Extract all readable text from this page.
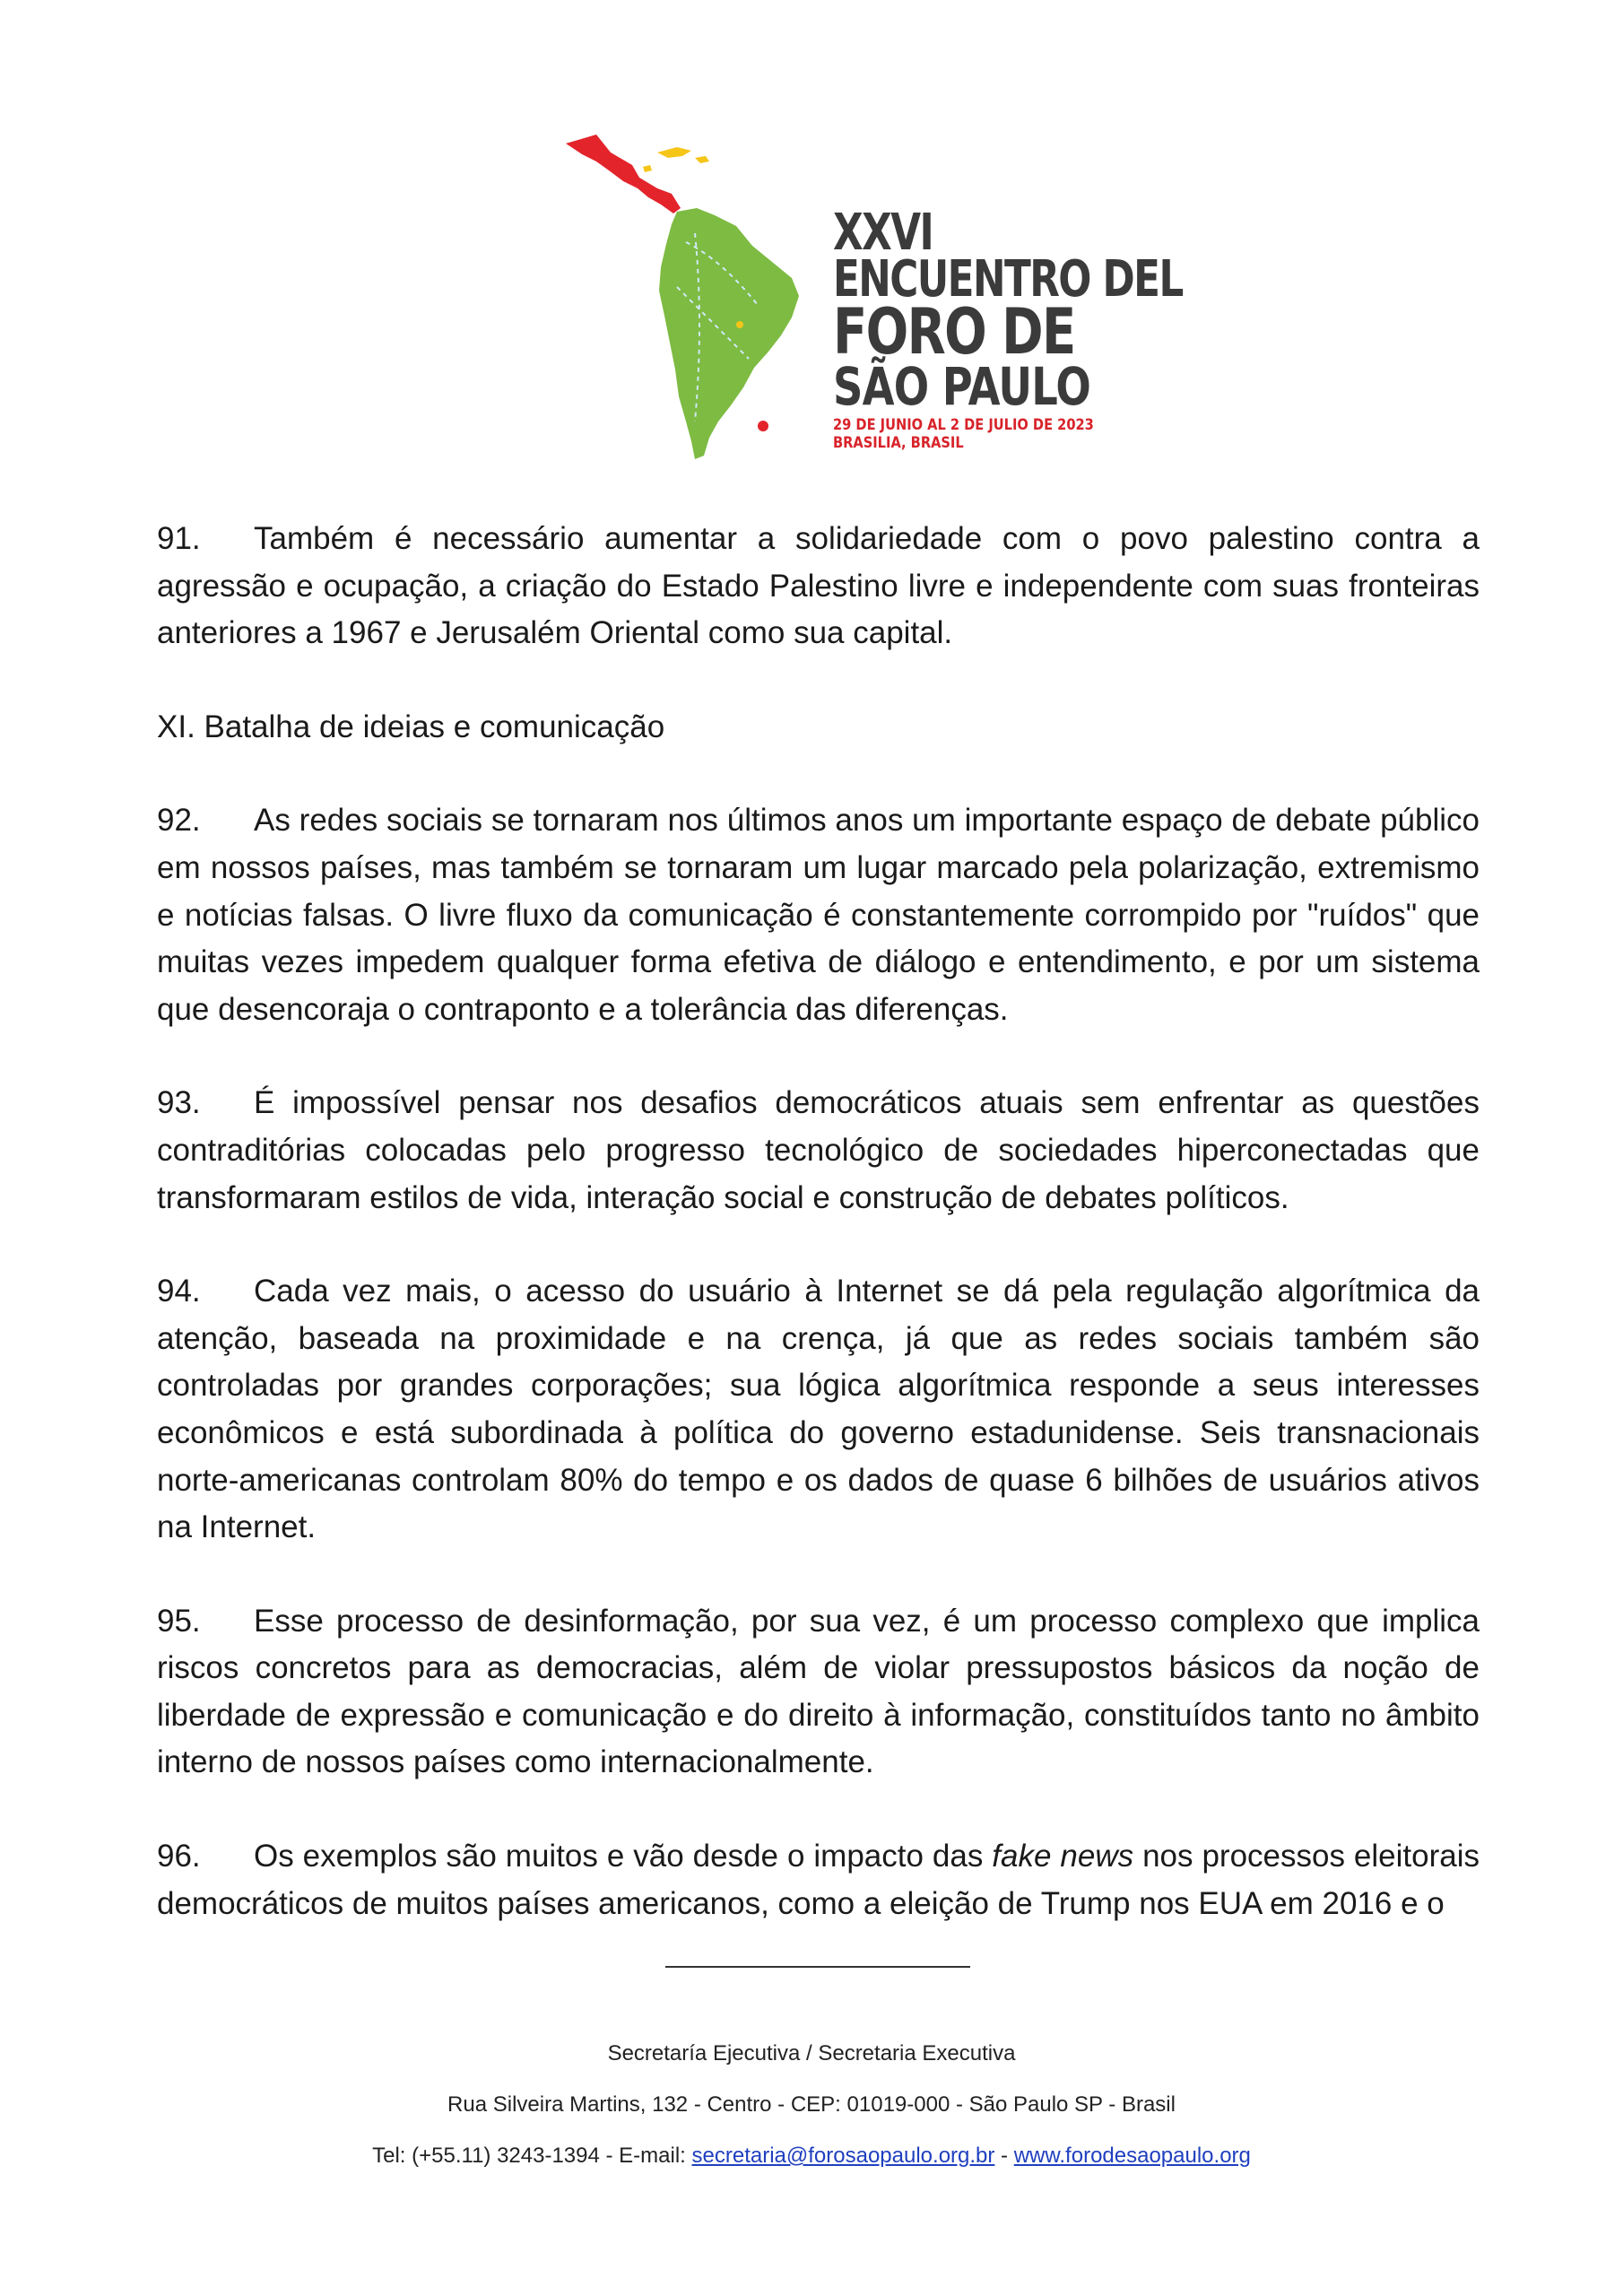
XXVI
ENCUENTRO DEL
FORO DE
SÃO PAULO
29 DE JUNIO AL 2 DE JULIO DE 2023
BRASILIA, BRASIL

91. Também é necessário aumentar a solidariedade com o povo palestino contra a agressão e ocupação, a criação do Estado Palestino livre e independente com suas fronteiras anteriores a 1967 e Jerusalém Oriental como sua capital.

XI. Batalha de ideias e comunicação

92. As redes sociais se tornaram nos últimos anos um importante espaço de debate público em nossos países, mas também se tornaram um lugar marcado pela polarização, extremismo e notícias falsas. O livre fluxo da comunicação é constantemente corrompido por "ruídos" que muitas vezes impedem qualquer forma efetiva de diálogo e entendimento, e por um sistema que desencoraja o contraponto e a tolerância das diferenças.

93. É impossível pensar nos desafios democráticos atuais sem enfrentar as questões contraditórias colocadas pelo progresso tecnológico de sociedades hiperconectadas que transformaram estilos de vida, interação social e construção de debates políticos.

94. Cada vez mais, o acesso do usuário à Internet se dá pela regulação algorítmica da atenção, baseada na proximidade e na crença, já que as redes sociais também são controladas por grandes corporações; sua lógica algorítmica responde a seus interesses econômicos e está subordinada à política do governo estadunidense. Seis transnacionais norte-americanas controlam 80% do tempo e os dados de quase 6 bilhões de usuários ativos na Internet.

95. Esse processo de desinformação, por sua vez, é um processo complexo que implica riscos concretos para as democracias, além de violar pressupostos básicos da noção de liberdade de expressão e comunicação e do direito à informação, constituídos tanto no âmbito interno de nossos países como internacionalmente.

96. Os exemplos são muitos e vão desde o impacto das fake news nos processos eleitorais democráticos de muitos países americanos, como a eleição de Trump nos EUA em 2016 e o

Secretaría Ejecutiva / Secretaria Executiva
Rua Silveira Martins, 132 - Centro - CEP: 01019-000 - São Paulo SP - Brasil
Tel: (+55.11) 3243-1394 - E-mail: secretaria@forosaopaulo.org.br - www.forodesaopaulo.org
